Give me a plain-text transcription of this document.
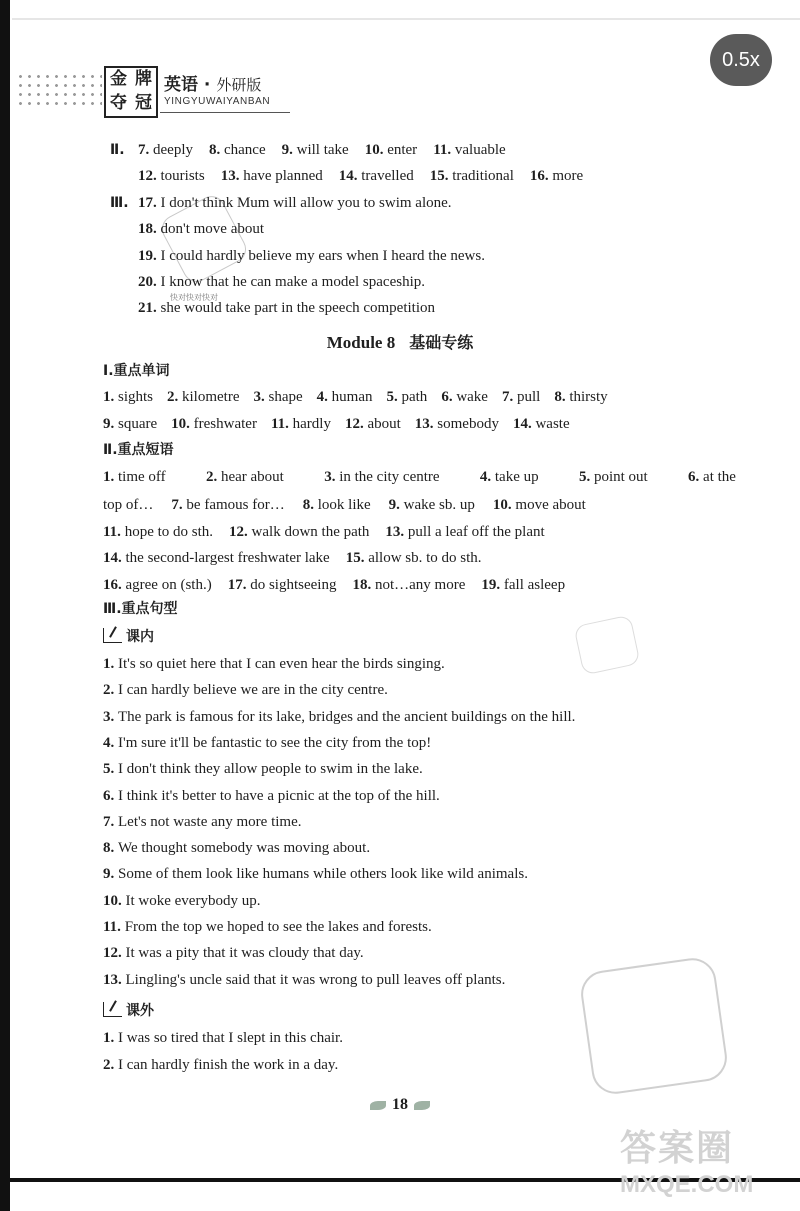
0.5x
金 牌
夺 冠
英语 · 外研版
YINGYUWAIYANBAN
快对快对快对
Ⅱ. 7. deeply 8. chance 9. will take 10. enter 11. valuable
12. tourists 13. have planned 14. travelled 15. traditional 16. more
Ⅲ. 17. I don't think Mum will allow you to swim alone.
18. don't move about
19. I could hardly believe my ears when I heard the news.
20. I know that he can make a model spaceship.
21. she would take part in the speech competition
Module 8 基础专练
Ⅰ.重点单词
1. sights 2. kilometre 3. shape 4. human 5. path 6. wake 7. pull 8. thirsty
9. square 10. freshwater 11. hardly 12. about 13. somebody 14. waste
Ⅱ.重点短语
1. time off	2. hear about	3. in the city centre	4. take up	5. point out	6. at the
top of… 7. be famous for… 8. look like 9. wake sb. up 10. move about
11. hope to do sth. 12. walk down the path 13. pull a leaf off the plant
14. the second-largest freshwater lake 15. allow sb. to do sth.
16. agree on (sth.) 17. do sightseeing 18. not…any more 19. fall asleep
Ⅲ.重点句型
课内
1. It's so quiet here that I can even hear the birds singing.
2. I can hardly believe we are in the city centre.
3. The park is famous for its lake, bridges and the ancient buildings on the hill.
4. I'm sure it'll be fantastic to see the city from the top!
5. I don't think they allow people to swim in the lake.
6. I think it's better to have a picnic at the top of the hill.
7. Let's not waste any more time.
8. We thought somebody was moving about.
9. Some of them look like humans while others look like wild animals.
10. It woke everybody up.
11. From the top we hoped to see the lakes and forests.
12. It was a pity that it was cloudy that day.
13. Lingling's uncle said that it was wrong to pull leaves off plants.
课外
1. I was so tired that I slept in this chair.
2. I can hardly finish the work in a day.
18
答案圈
MXQE.COM
